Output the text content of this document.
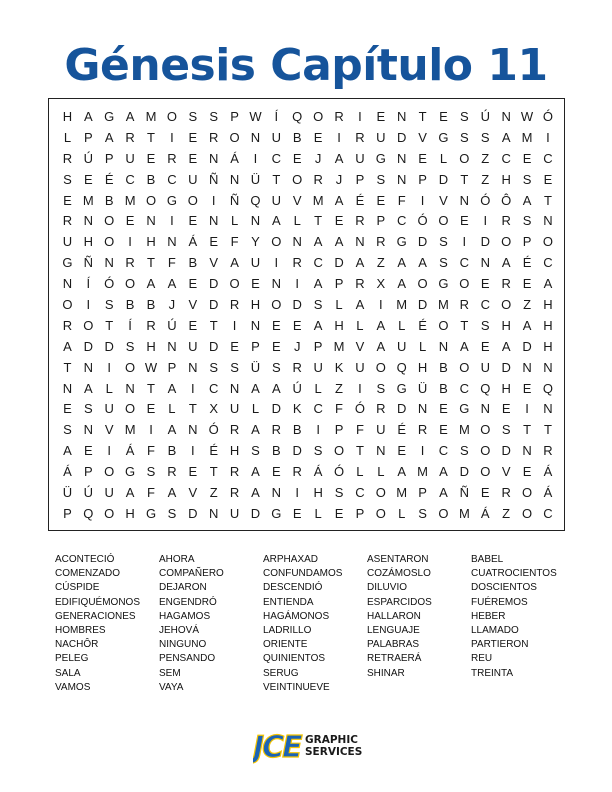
Génesis Capítulo 11
H A G A M O S S P W Í	Q O R	I	E N T E S Ú N W Ó
L P A R T	I	E R O N U B E	I	R U D V G S S A M	I
R Ú P U E R E N Á	I	C E	J	A U G N E L O Z C E C
S E É C B C U Ñ N Ü T O R J	P S N P D T Z H S E
E M B M O G O	I	Ñ Q U V M A É E F	I	V N Ó Ô A T
R N O E N	I	E N L N A L	T E R P C Ó O E	I	R S N
U H O	I	H N Á E F Y O N A A N R G D S	I	D O P O
G Ñ N R T F B V A U	I	R C D A Z A A S C N A É C
N	Í	Ó O A A E D O E N	I	A P R X A O G O E R E A
O	I	S B B	J	V D R H O D S L A	I	M D M R C O Z H
R O T	Í	R Ú E T	I	N E E A H L A L É O T S H A H
A D D S H N U D E P E	J	P M V A U L N A E A D H
T N	I	O W P N S S Ü S R U K U O Q H B O U D N N
N A L N T A	I	C N A A Ú L	Z	I	S G Ü B C Q H E Q
E S U O E L	T X U L D K C F Ó R D N E G N E	I	N
S N V M	I	A N Ó R A R B	I	P F U É R E M O S T T
A E	I	Á F B	I	É H S B D S O T N E	I	C S O D N R
Á P O G S R E T R A E R Á Ó L	L A M A D O V E Á
Ü Ú U A F A V Z R A N	I	H S C O M P A Ñ E R O Á
P Q O H G S D N U D G E L E P O L S O M Á Z O C
ACONTECIÓ	AHORA	ARPHAXAD	ASENTARON	BABEL
COMENZADO	COMPAÑERO	CONFUNDAMOS	COZÁMOSLO	CUATROCIENTOS
CÚSPIDE	DEJARON	DESCENDIÓ	DILUVIO	DOSCIENTOS
EDIFIQUÉMONOS	ENGENDRÓ	ENTIENDA	ESPARCIDOS	FUÉREMOS
GENERACIONES	HAGAMOS	HAGÁMONOS	HALLARON	HEBER
HOMBRES	JEHOVÁ	LADRILLO	LENGUAJE	LLAMADO
NACHÔR	NINGUNO	ORIENTE	PALABRAS	PARTIERON
PELEG	PENSANDO	QUINIENTOS	RETRAERÁ	REU
SALA	SEM	SERUG	SHINAR	TREINTA
VAMOS	VAYA	VEINTINUEVE
JCE GRAPHIC
SERVICES
